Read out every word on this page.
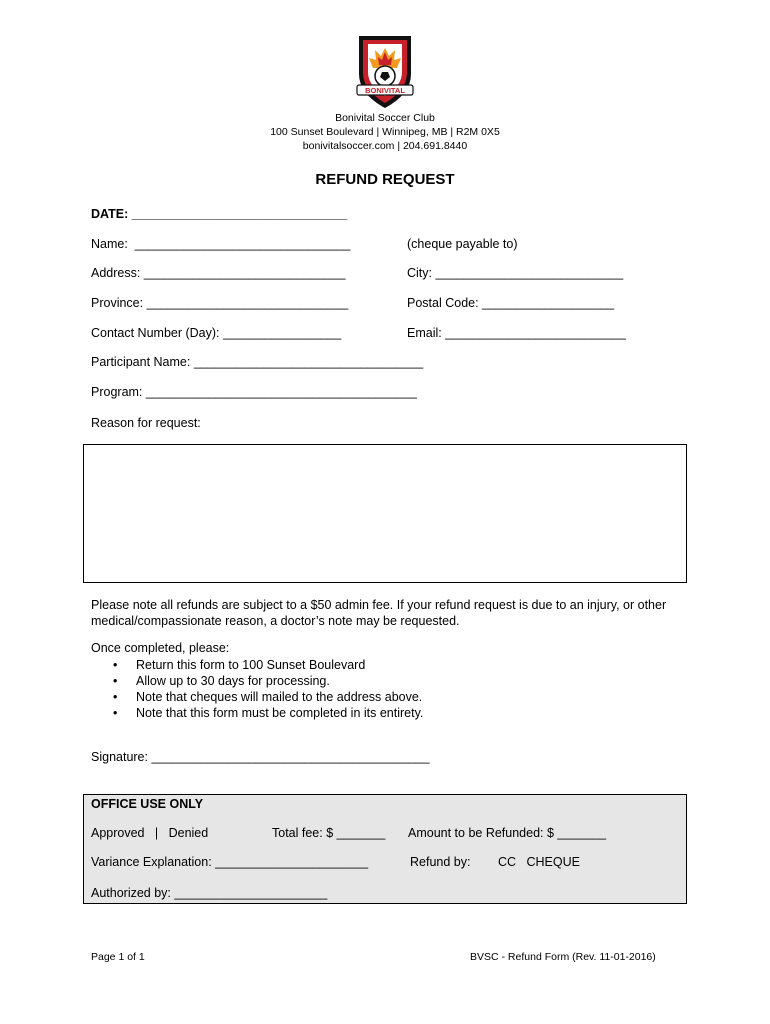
BONIVITAL
Bonivital Soccer Club
100 Sunset Boulevard | Winnipeg, MB | R2M 0X5
bonivitalsoccer.com | 204.691.8440
REFUND REQUEST
DATE: _______________________________
Name:  _______________________________	(cheque payable to)
Address: _____________________________	City: ___________________________
Province: _____________________________	Postal Code: ___________________
Contact Number (Day): _________________	Email: __________________________
Participant Name: _________________________________
Program: _______________________________________
Reason for request:
Please note all refunds are subject to a $50 admin fee. If your refund request is due to an injury, or other medical/compassionate reason, a doctor’s note may be requested.
Once completed, please:
• Return this form to 100 Sunset Boulevard
• Allow up to 30 days for processing.
• Note that cheques will mailed to the address above.
• Note that this form must be completed in its entirety.
Signature: ________________________________________
OFFICE USE ONLY
Approved   |   Denied	Total fee: $ _______ Amount to be Refunded: $ _______
Variance Explanation: ______________________	Refund by: CC   CHEQUE
Authorized by: ______________________
Page 1 of 1	BVSC - Refund Form (Rev. 11-01-2016)
